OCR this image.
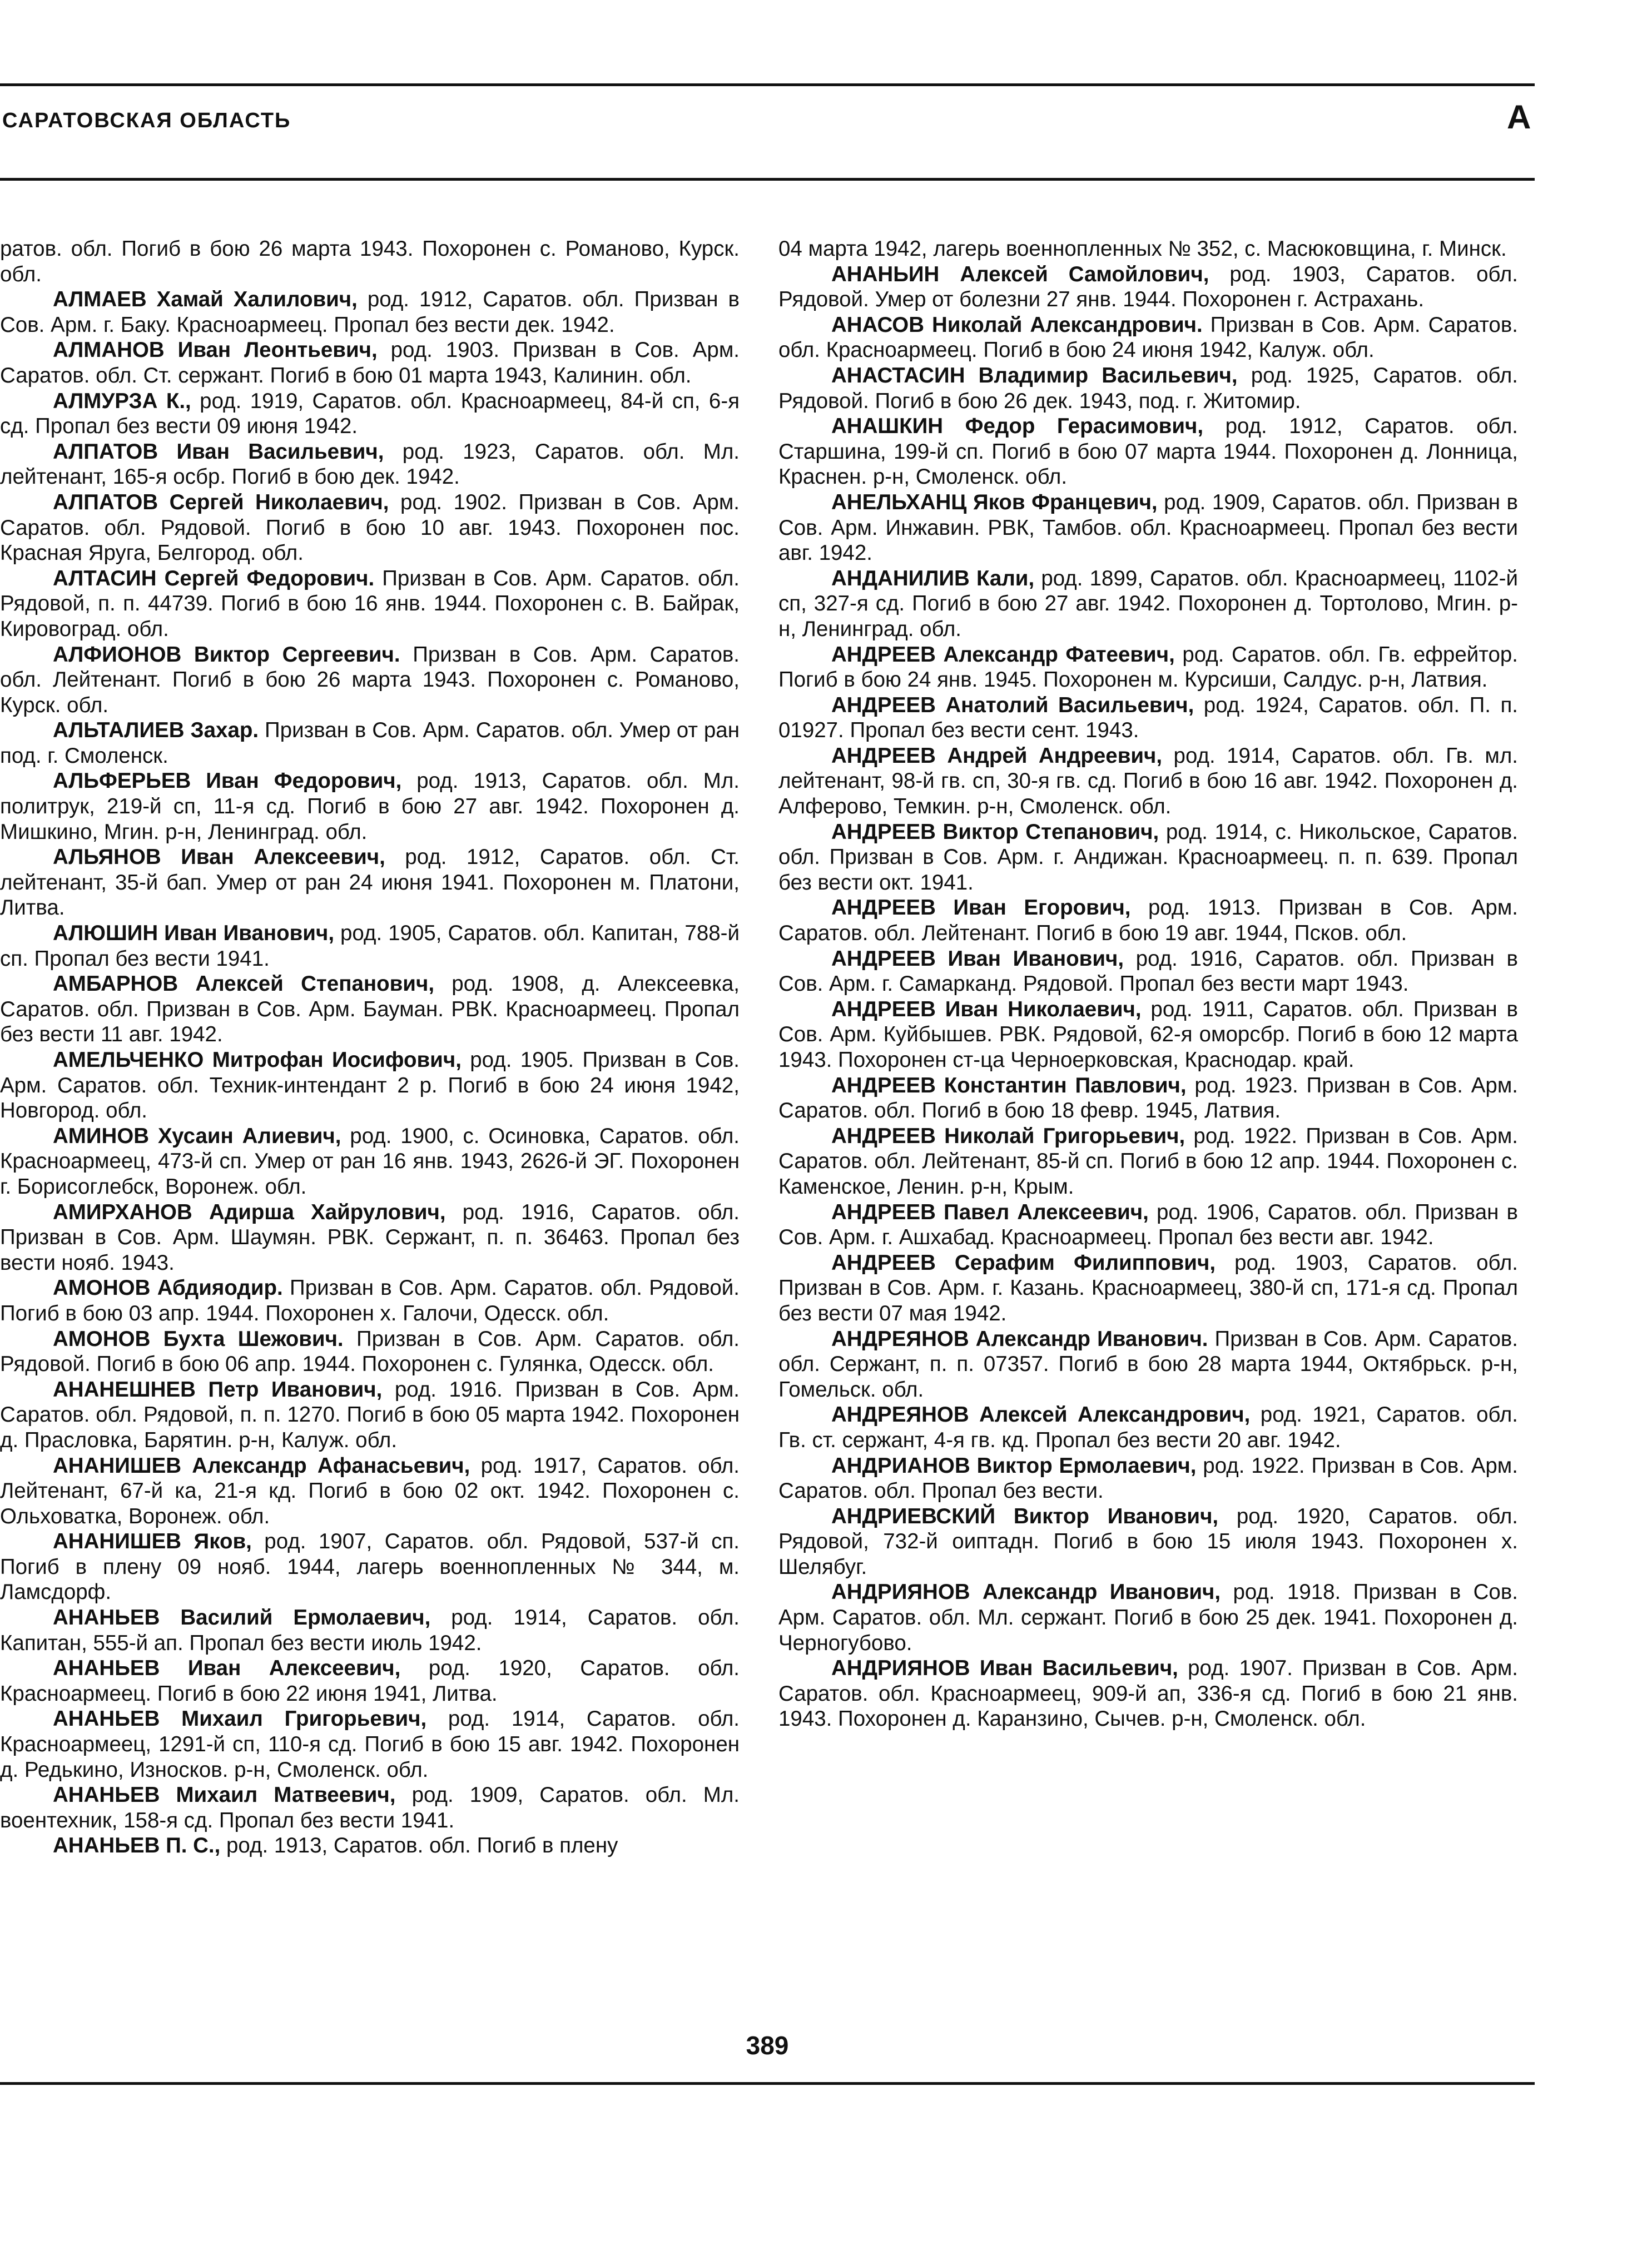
САРАТОВСКАЯ ОБЛАСТЬ	А

ратов. обл. Погиб в бою 26 марта 1943. Похоронен с. Романово, Курск. обл.

АЛМАЕВ Хамай Халилович, род. 1912, Саратов. обл. Призван в Сов. Арм. г. Баку. Красноармеец. Пропал без вести дек. 1942.

АЛМАНОВ Иван Леонтьевич, род. 1903. Призван в Сов. Арм. Саратов. обл. Ст. сержант. Погиб в бою 01 марта 1943, Калинин. обл.

АЛМУРЗА К., род. 1919, Саратов. обл. Красноармеец, 84-й сп, 6-я сд. Пропал без вести 09 июня 1942.

АЛПАТОВ Иван Васильевич, род. 1923, Саратов. обл. Мл. лейтенант, 165-я осбр. Погиб в бою дек. 1942.

АЛПАТОВ Сергей Николаевич, род. 1902. Призван в Сов. Арм. Саратов. обл. Рядовой. Погиб в бою 10 авг. 1943. Похоронен пос. Красная Яруга, Белгород. обл.

АЛТАСИН Сергей Федорович. Призван в Сов. Арм. Саратов. обл. Рядовой, п. п. 44739. Погиб в бою 16 янв. 1944. Похоронен с. В. Байрак, Кировоград. обл.

АЛФИОНОВ Виктор Сергеевич. Призван в Сов. Арм. Саратов. обл. Лейтенант. Погиб в бою 26 марта 1943. Похоронен с. Романово, Курск. обл.

АЛЬТАЛИЕВ Захар. Призван в Сов. Арм. Саратов. обл. Умер от ран под. г. Смоленск.

АЛЬФЕРЬЕВ Иван Федорович, род. 1913, Саратов. обл. Мл. политрук, 219-й сп, 11-я сд. Погиб в бою 27 авг. 1942. Похоронен д. Мишкино, Мгин. р-н, Ленинград. обл.

АЛЬЯНОВ Иван Алексеевич, род. 1912, Саратов. обл. Ст. лейтенант, 35-й бап. Умер от ран 24 июня 1941. Похоронен м. Платони, Литва.

АЛЮШИН Иван Иванович, род. 1905, Саратов. обл. Капитан, 788-й сп. Пропал без вести 1941.

АМБАРНОВ Алексей Степанович, род. 1908, д. Алексеевка, Саратов. обл. Призван в Сов. Арм. Бауман. РВК. Красноармеец. Пропал без вести 11 авг. 1942.

АМЕЛЬЧЕНКО Митрофан Иосифович, род. 1905. Призван в Сов. Арм. Саратов. обл. Техник-интендант 2 р. Погиб в бою 24 июня 1942, Новгород. обл.

АМИНОВ Хусаин Алиевич, род. 1900, с. Осиновка, Саратов. обл. Красноармеец, 473-й сп. Умер от ран 16 янв. 1943, 2626-й ЭГ. Похоронен г. Борисоглебск, Воронеж. обл.

АМИРХАНОВ Адирша Хайрулович, род. 1916, Саратов. обл. Призван в Сов. Арм. Шаумян. РВК. Сержант, п. п. 36463. Пропал без вести нояб. 1943.

АМОНОВ Абдияодир. Призван в Сов. Арм. Саратов. обл. Рядовой. Погиб в бою 03 апр. 1944. Похоронен х. Галочи, Одесск. обл.

АМОНОВ Бухта Шежович. Призван в Сов. Арм. Саратов. обл. Рядовой. Погиб в бою 06 апр. 1944. Похоронен с. Гулянка, Одесск. обл.

АНАНЕШНЕВ Петр Иванович, род. 1916. Призван в Сов. Арм. Саратов. обл. Рядовой, п. п. 1270. Погиб в бою 05 марта 1942. Похоронен д. Прасловка, Барятин. р-н, Калуж. обл.

АНАНИШЕВ Александр Афанасьевич, род. 1917, Саратов. обл. Лейтенант, 67-й ка, 21-я кд. Погиб в бою 02 окт. 1942. Похоронен с. Ольховатка, Воронеж. обл.

АНАНИШЕВ Яков, род. 1907, Саратов. обл. Рядовой, 537-й сп. Погиб в плену 09 нояб. 1944, лагерь военнопленных № 344, м. Ламсдорф.

АНАНЬЕВ Василий Ермолаевич, род. 1914, Саратов. обл. Капитан, 555-й ап. Пропал без вести июль 1942.

АНАНЬЕВ Иван Алексеевич, род. 1920, Саратов. обл. Красноармеец. Погиб в бою 22 июня 1941, Литва.

АНАНЬЕВ Михаил Григорьевич, род. 1914, Саратов. обл. Красноармеец, 1291-й сп, 110-я сд. Погиб в бою 15 авг. 1942. Похоронен д. Редькино, Износков. р-н, Смоленск. обл.

АНАНЬЕВ Михаил Матвеевич, род. 1909, Саратов. обл. Мл. воентехник, 158-я сд. Пропал без вести 1941.

АНАНЬЕВ П. С., род. 1913, Саратов. обл. Погиб в плену

04 марта 1942, лагерь военнопленных № 352, с. Масюковщина, г. Минск.

АНАНЬИН Алексей Самойлович, род. 1903, Саратов. обл. Рядовой. Умер от болезни 27 янв. 1944. Похоронен г. Астрахань.

АНАСОВ Николай Александрович. Призван в Сов. Арм. Саратов. обл. Красноармеец. Погиб в бою 24 июня 1942, Калуж. обл.

АНАСТАСИН Владимир Васильевич, род. 1925, Саратов. обл. Рядовой. Погиб в бою 26 дек. 1943, под. г. Житомир.

АНАШКИН Федор Герасимович, род. 1912, Саратов. обл. Старшина, 199-й сп. Погиб в бою 07 марта 1944. Похоронен д. Лонница, Краснен. р-н, Смоленск. обл.

АНЕЛЬХАНЦ Яков Францевич, род. 1909, Саратов. обл. Призван в Сов. Арм. Инжавин. РВК, Тамбов. обл. Красноармеец. Пропал без вести авг. 1942.

АНДАНИЛИВ Кали, род. 1899, Саратов. обл. Красноармеец, 1102-й сп, 327-я сд. Погиб в бою 27 авг. 1942. Похоронен д. Тортолово, Мгин. р-н, Ленинград. обл.

АНДРЕЕВ Александр Фатеевич, род. Саратов. обл. Гв. ефрейтор. Погиб в бою 24 янв. 1945. Похоронен м. Курсиши, Салдус. р-н, Латвия.

АНДРЕЕВ Анатолий Васильевич, род. 1924, Саратов. обл. П. п. 01927. Пропал без вести сент. 1943.

АНДРЕЕВ Андрей Андреевич, род. 1914, Саратов. обл. Гв. мл. лейтенант, 98-й гв. сп, 30-я гв. сд. Погиб в бою 16 авг. 1942. Похоронен д. Алферово, Темкин. р-н, Смоленск. обл.

АНДРЕЕВ Виктор Степанович, род. 1914, с. Никольское, Саратов. обл. Призван в Сов. Арм. г. Андижан. Красноармеец. п. п. 639. Пропал без вести окт. 1941.

АНДРЕЕВ Иван Егорович, род. 1913. Призван в Сов. Арм. Саратов. обл. Лейтенант. Погиб в бою 19 авг. 1944, Псков. обл.

АНДРЕЕВ Иван Иванович, род. 1916, Саратов. обл. Призван в Сов. Арм. г. Самарканд. Рядовой. Пропал без вести март 1943.

АНДРЕЕВ Иван Николаевич, род. 1911, Саратов. обл. Призван в Сов. Арм. Куйбышев. РВК. Рядовой, 62-я оморсбр. Погиб в бою 12 марта 1943. Похоронен ст-ца Черноерковская, Краснодар. край.

АНДРЕЕВ Константин Павлович, род. 1923. Призван в Сов. Арм. Саратов. обл. Погиб в бою 18 февр. 1945, Латвия.

АНДРЕЕВ Николай Григорьевич, род. 1922. Призван в Сов. Арм. Саратов. обл. Лейтенант, 85-й сп. Погиб в бою 12 апр. 1944. Похоронен с. Каменское, Ленин. р-н, Крым.

АНДРЕЕВ Павел Алексеевич, род. 1906, Саратов. обл. Призван в Сов. Арм. г. Ашхабад. Красноармеец. Пропал без вести авг. 1942.

АНДРЕЕВ Серафим Филиппович, род. 1903, Саратов. обл. Призван в Сов. Арм. г. Казань. Красноармеец, 380-й сп, 171-я сд. Пропал без вести 07 мая 1942.

АНДРЕЯНОВ Александр Иванович. Призван в Сов. Арм. Саратов. обл. Сержант, п. п. 07357. Погиб в бою 28 марта 1944, Октябрьск. р-н, Гомельск. обл.

АНДРЕЯНОВ Алексей Александрович, род. 1921, Саратов. обл. Гв. ст. сержант, 4-я гв. кд. Пропал без вести 20 авг. 1942.

АНДРИАНОВ Виктор Ермолаевич, род. 1922. Призван в Сов. Арм. Саратов. обл. Пропал без вести.

АНДРИЕВСКИЙ Виктор Иванович, род. 1920, Саратов. обл. Рядовой, 732-й оиптадн. Погиб в бою 15 июля 1943. Похоронен х. Шелябуг.

АНДРИЯНОВ Александр Иванович, род. 1918. Призван в Сов. Арм. Саратов. обл. Мл. сержант. Погиб в бою 25 дек. 1941. Похоронен д. Черногубово.

АНДРИЯНОВ Иван Васильевич, род. 1907. Призван в Сов. Арм. Саратов. обл. Красноармеец, 909-й ап, 336-я сд. Погиб в бою 21 янв. 1943. Похоронен д. Каранзино, Сычев. р-н, Смоленск. обл.

389
